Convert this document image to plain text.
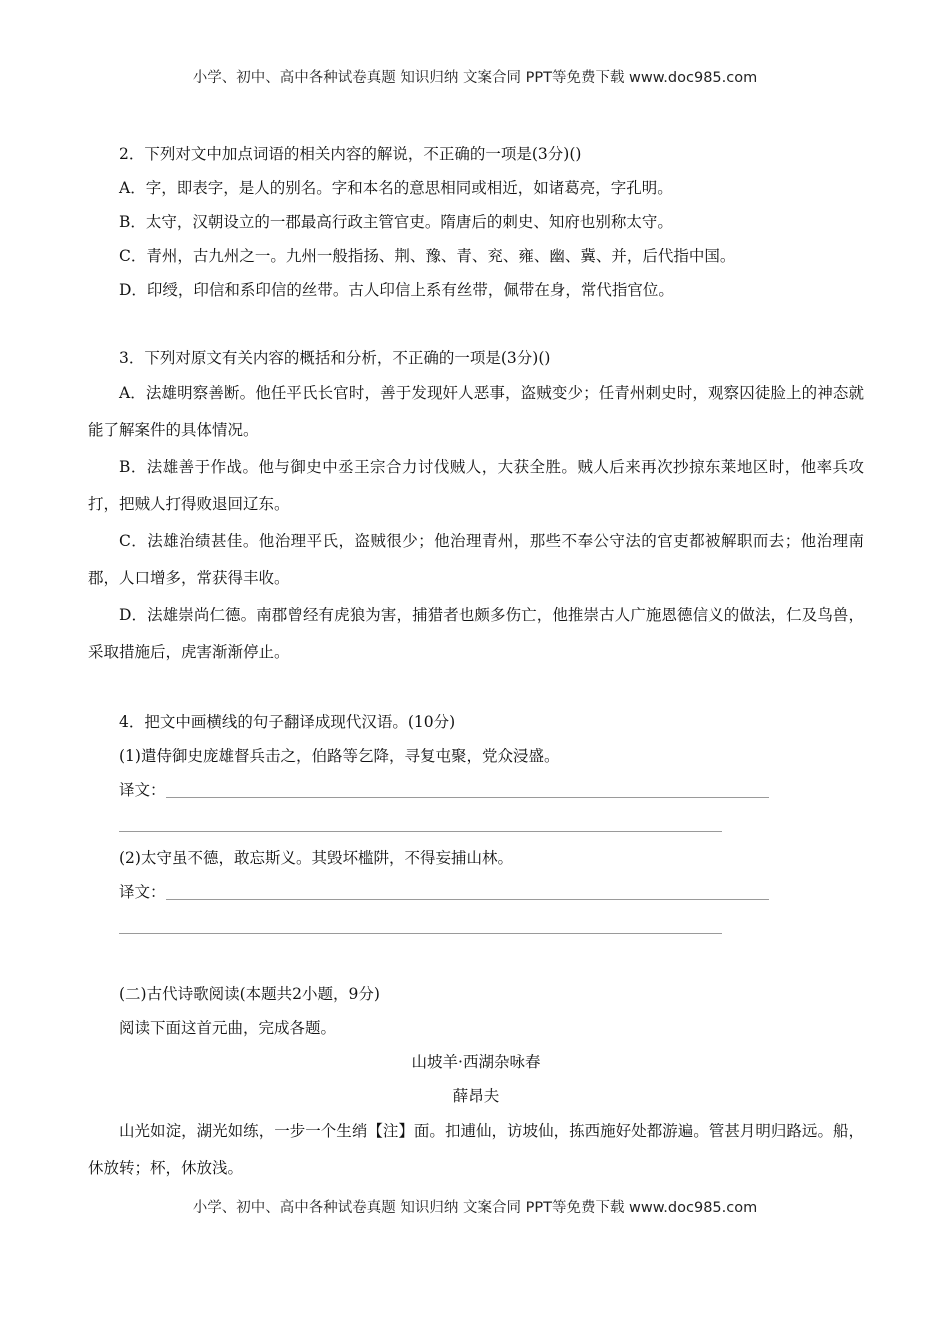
小学、初中、高中各种试卷真题 知识归纳 文案合同 PPT等免费下载 www.doc985.com

2．下列对文中加点词语的相关内容的解说，不正确的一项是(3分)()

A．字，即表字，是人的别名。字和本名的意思相同或相近，如诸葛亮，字孔明。

B．太守，汉朝设立的一郡最高行政主管官吏。隋唐后的刺史、知府也别称太守。

C．青州，古九州之一。九州一般指扬、荆、豫、青、兖、雍、幽、冀、并，后代指中国。

D．印绶，印信和系印信的丝带。古人印信上系有丝带，佩带在身，常代指官位。

3．下列对原文有关内容的概括和分析，不正确的一项是(3分)()

A．法雄明察善断。他任平氏长官时，善于发现奸人恶事，盗贼变少；任青州刺史时，观察囚徒脸上的神态就能了解案件的具体情况。

B．法雄善于作战。他与御史中丞王宗合力讨伐贼人，大获全胜。贼人后来再次抄掠东莱地区时，他率兵攻打，把贼人打得败退回辽东。

C．法雄治绩甚佳。他治理平氏，盗贼很少；他治理青州，那些不奉公守法的官吏都被解职而去；他治理南郡，人口增多，常获得丰收。

D．法雄崇尚仁德。南郡曾经有虎狼为害，捕猎者也颇多伤亡，他推崇古人广施恩德信义的做法，仁及鸟兽，采取措施后，虎害渐渐停止。

4．把文中画横线的句子翻译成现代汉语。(10分)

(1)遣侍御史庞雄督兵击之，伯路等乞降，寻复屯聚，党众浸盛。

译文：

(2)太守虽不德，敢忘斯义。其毁坏槛阱，不得妄捕山林。

译文：

(二)古代诗歌阅读(本题共2小题，9分)

阅读下面这首元曲，完成各题。

山坡羊·西湖杂咏春

薛昂夫

山光如淀，湖光如练，一步一个生绡【注】面。扣逋仙，访坡仙，拣西施好处都游遍。管甚月明归路远。船，休放转；杯，休放浅。

小学、初中、高中各种试卷真题 知识归纳 文案合同 PPT等免费下载 www.doc985.com
